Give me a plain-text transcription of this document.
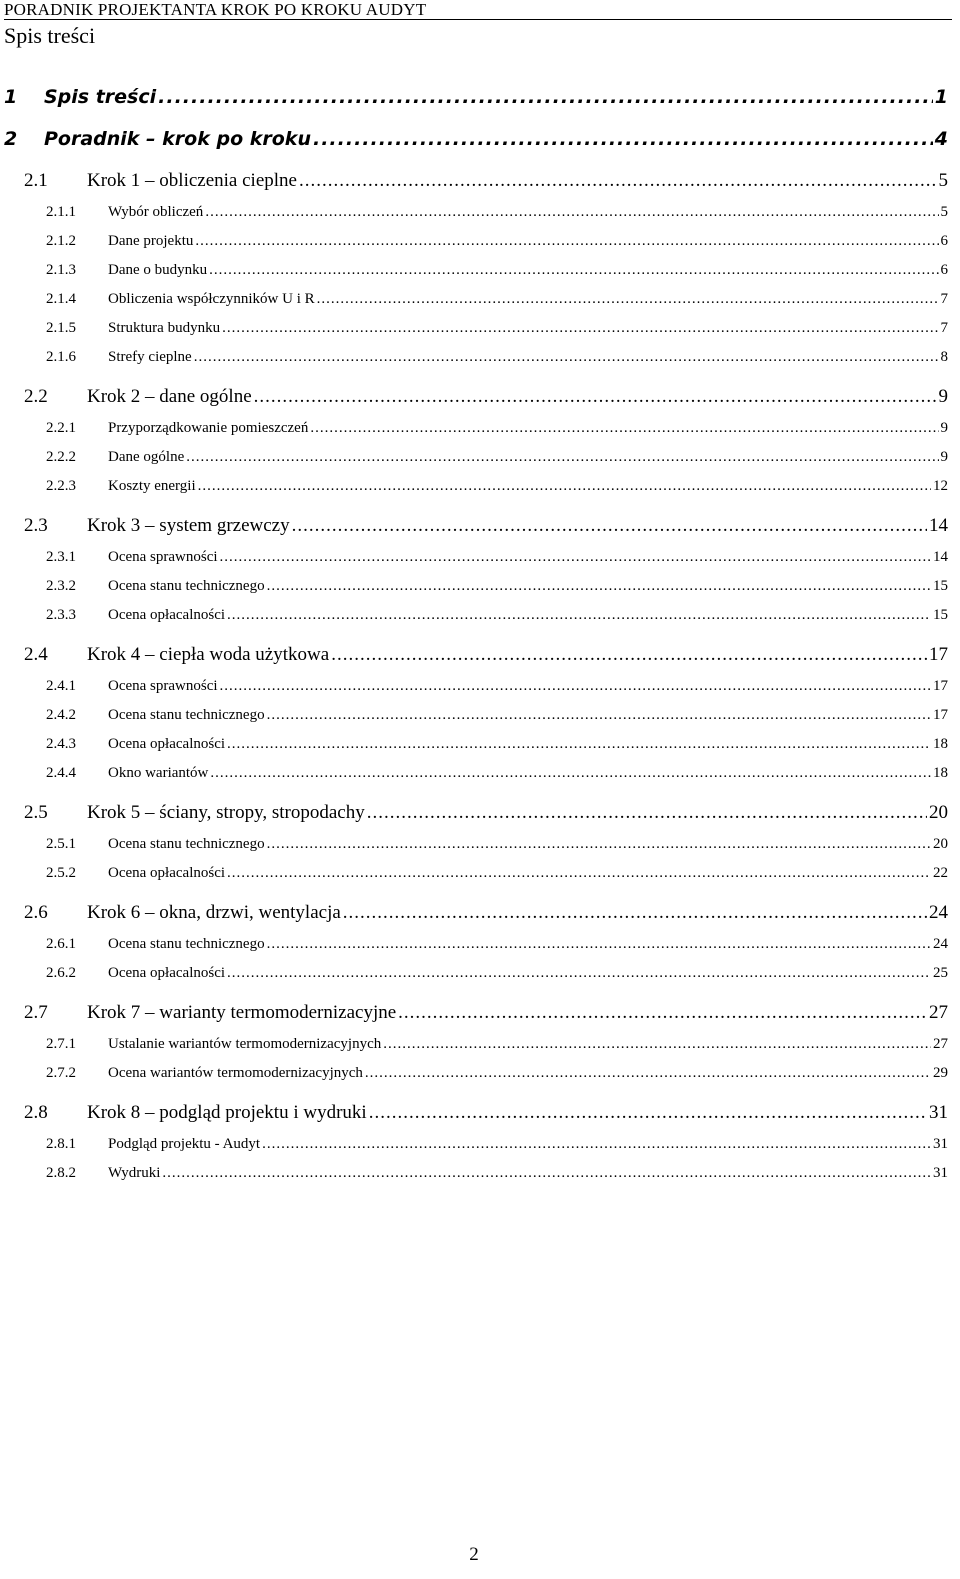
PORADNIK PROJEKTANTA KROK PO KROKU AUDYT
Spis treści
1	Spis treści .....	1
2	Poradnik – krok po kroku .....	4
2.1	Krok 1 – obliczenia cieplne .....	5
2.1.1	Wybór obliczeń .....	5
2.1.2	Dane projektu .....	6
2.1.3	Dane o budynku .....	6
2.1.4	Obliczenia współczynników U i R .....	7
2.1.5	Struktura budynku .....	7
2.1.6	Strefy cieplne .....	8
2.2	Krok 2 – dane ogólne .....	9
2.2.1	Przyporządkowanie pomieszczeń .....	9
2.2.2	Dane ogólne .....	9
2.2.3	Koszty energii .....	12
2.3	Krok 3 – system grzewczy .....	14
2.3.1	Ocena sprawności .....	14
2.3.2	Ocena stanu technicznego .....	15
2.3.3	Ocena opłacalności .....	15
2.4	Krok 4 – ciepła woda użytkowa .....	17
2.4.1	Ocena sprawności .....	17
2.4.2	Ocena stanu technicznego .....	17
2.4.3	Ocena opłacalności .....	18
2.4.4	Okno wariantów .....	18
2.5	Krok 5 – ściany, stropy, stropodachy .....	20
2.5.1	Ocena stanu technicznego .....	20
2.5.2	Ocena opłacalności .....	22
2.6	Krok 6 – okna, drzwi, wentylacja .....	24
2.6.1	Ocena stanu technicznego .....	24
2.6.2	Ocena opłacalności .....	25
2.7	Krok 7 – warianty termomodernizacyjne .....	27
2.7.1	Ustalanie wariantów termomodernizacyjnych .....	27
2.7.2	Ocena wariantów termomodernizacyjnych .....	29
2.8	Krok 8 – podgląd projektu i wydruki .....	31
2.8.1	Podgląd projektu - Audyt .....	31
2.8.2	Wydruki .....	31
2
